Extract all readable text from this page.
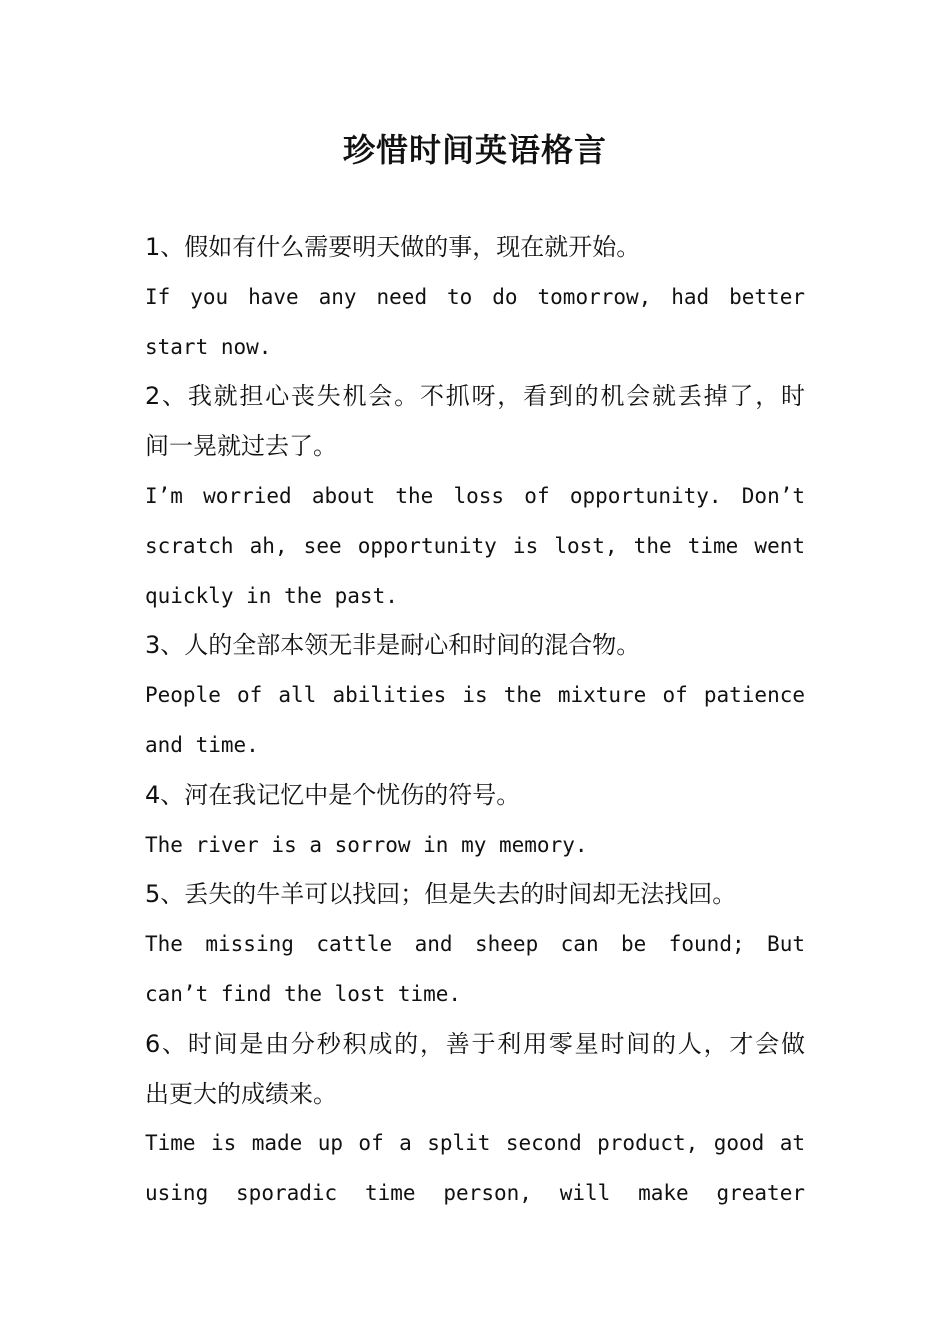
珍惜时间英语格言
1、假如有什么需要明天做的事，现在就开始。
If you have any need to do tomorrow, had better
start now.
2、我就担心丧失机会。不抓呀，看到的机会就丢掉了，时
间一晃就过去了。
I’m worried about the loss of opportunity. Don’t
scratch ah, see opportunity is lost, the time went
quickly in the past.
3、人的全部本领无非是耐心和时间的混合物。
People of all abilities is the mixture of patience
and time.
4、河在我记忆中是个忧伤的符号。
The river is a sorrow in my memory.
5、丢失的牛羊可以找回；但是失去的时间却无法找回。
The missing cattle and sheep can be found; But
can’t find the lost time.
6、时间是由分秒积成的，善于利用零星时间的人，才会做
出更大的成绩来。
Time is made up of a split second product, good at
using sporadic time person, will make greater
